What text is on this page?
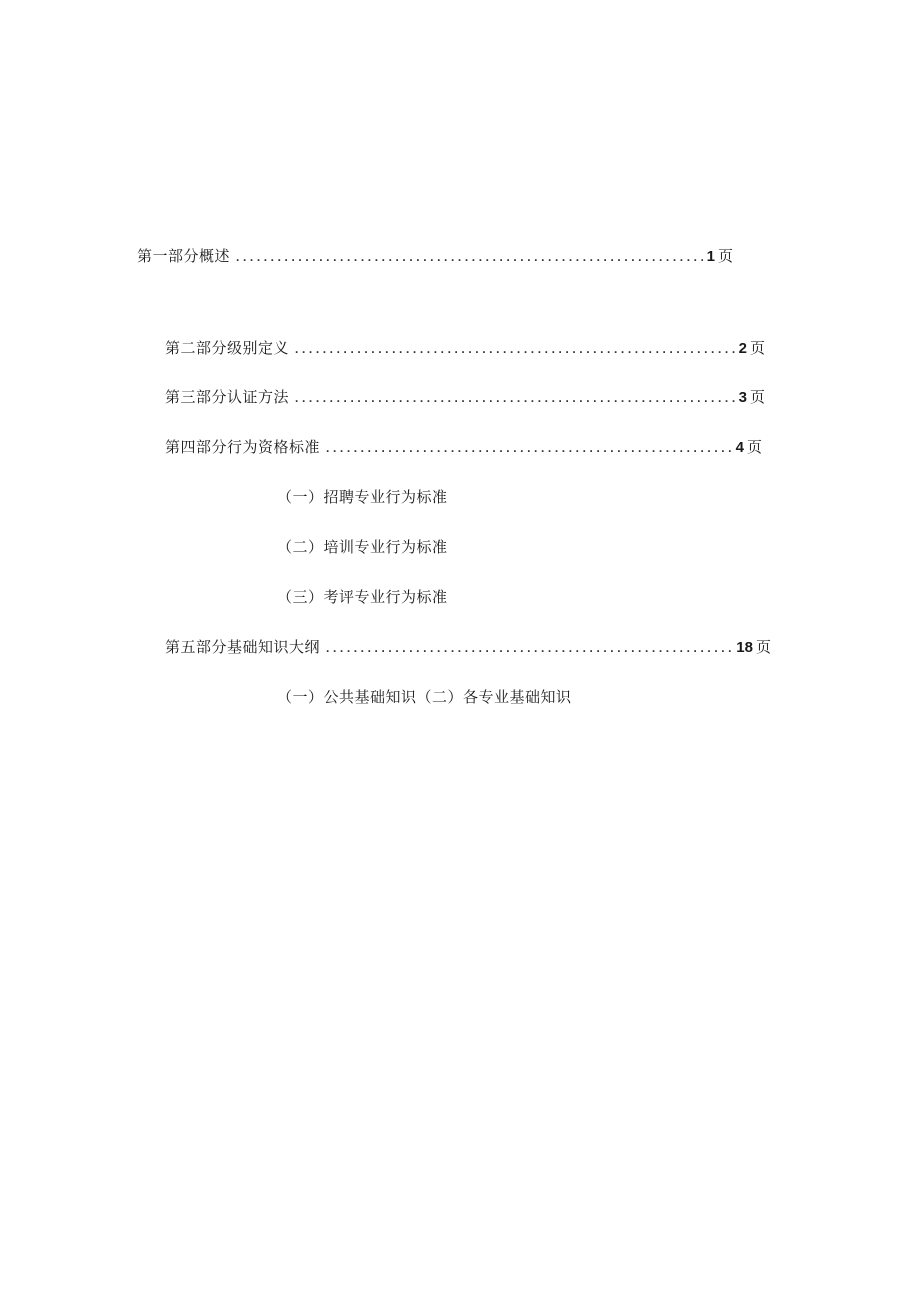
第一部分概述 .....	1 页
第二部分级别定义 .....	2 页
第三部分认证方法 .....	3 页
第四部分行为资格标准 .....	4 页
（一）招聘专业行为标准
（二）培训专业行为标准
（三）考评专业行为标准
第五部分基础知识大纲 .....	18 页
（一）公共基础知识（二）各专业基础知识
